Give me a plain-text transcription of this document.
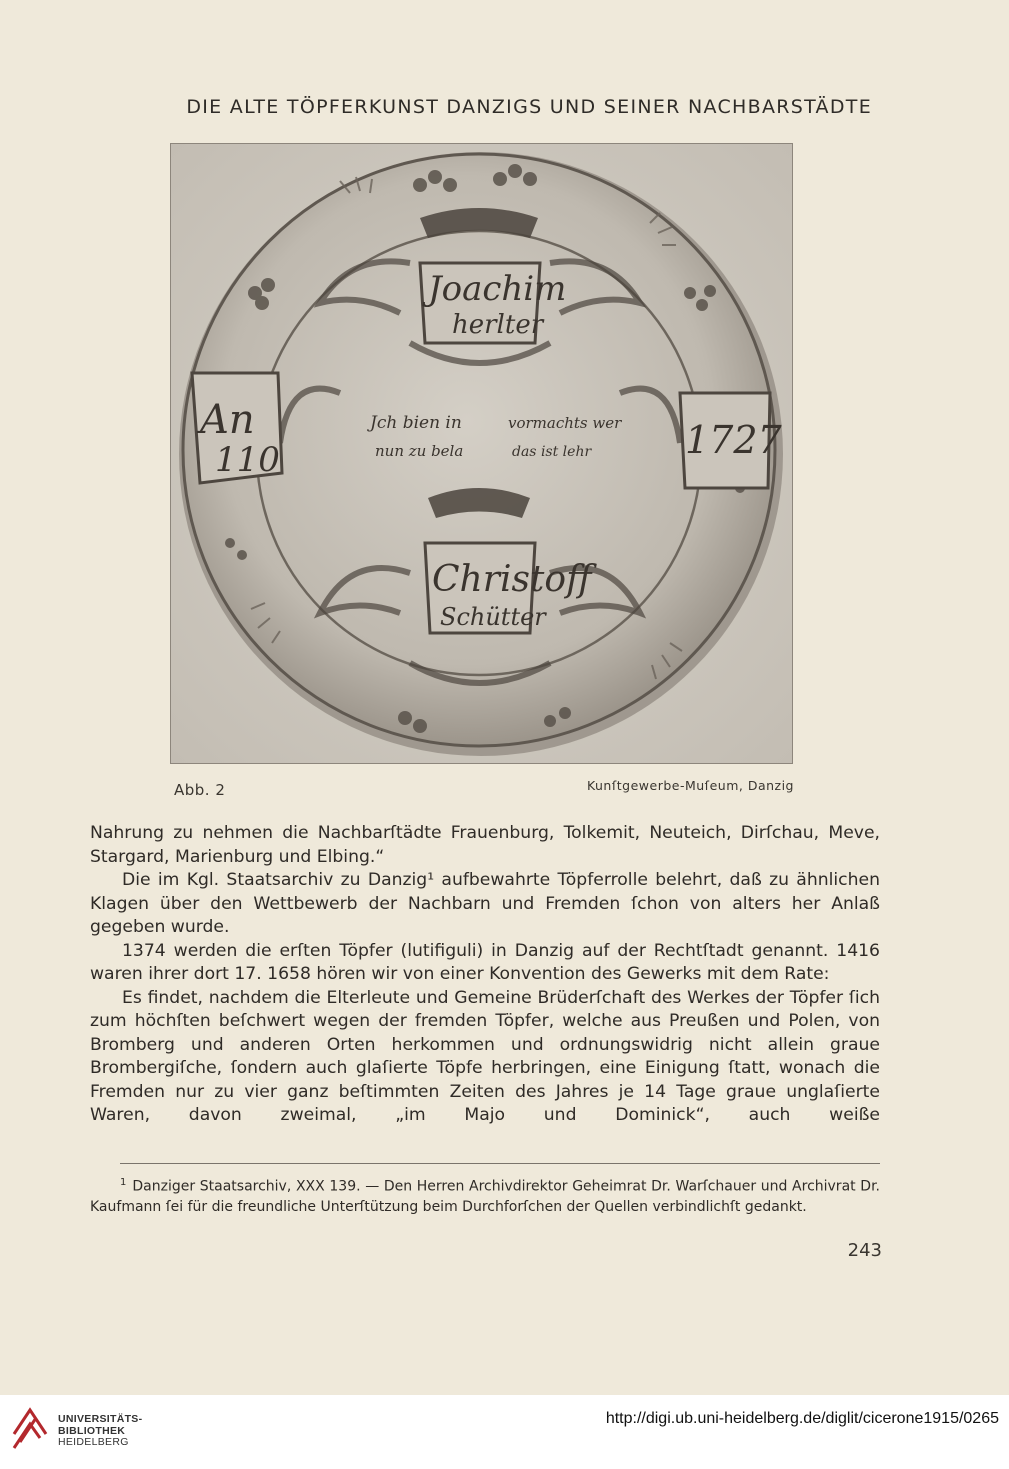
DIE ALTE TÖPFERKUNST DANZIGS UND SEINER NACHBARSTÄDTE
Joachim
herlter
Jch bien in	vormachts wer
nun zu bela	das ist lehr
An
110	1727
Christoff
Schütter
Abb. 2	Kunſtgewerbe-Muſeum, Danzig

Nahrung zu nehmen die Nachbarſtädte Frauenburg, Tolkemit, Neuteich, Dirſchau, Meve, Stargard, Marienburg und Elbing.“

Die im Kgl. Staatsarchiv zu Danzig¹ aufbewahrte Töpferrolle belehrt, daß zu ähnlichen Klagen über den Wettbewerb der Nachbarn und Fremden ſchon von alters her Anlaß gegeben wurde.

1374 werden die erſten Töpfer (lutifiguli) in Danzig auf der Rechtſtadt genannt. 1416 waren ihrer dort 17. 1658 hören wir von einer Konvention des Gewerks mit dem Rate:

Es findet, nachdem die Elterleute und Gemeine Brüderſchaft des Werkes der Töpfer ſich zum höchſten beſchwert wegen der fremden Töpfer, welche aus Preußen und Polen, von Bromberg und anderen Orten herkommen und ordnungswidrig nicht allein graue Brombergiſche, ſondern auch glaſierte Töpfe herbringen, eine Einigung ſtatt, wonach die Fremden nur zu vier ganz beſtimmten Zeiten des Jahres je 14 Tage graue unglaſierte Waren, davon zweimal, „im Majo und Dominick“, auch weiße

$^1$ Danziger Staatsarchiv, XXX 139. — Den Herren Archivdirektor Geheimrat Dr. Warſchauer und Archivrat Dr. Kaufmann ſei für die freundliche Unterſtützung beim Durchforſchen der Quellen verbindlichſt gedankt.
243
UNIVERSITÄTS-
BIBLIOTHEK
HEIDELBERG
http://digi.ub.uni-heidelberg.de/diglit/cicerone1915/0265
